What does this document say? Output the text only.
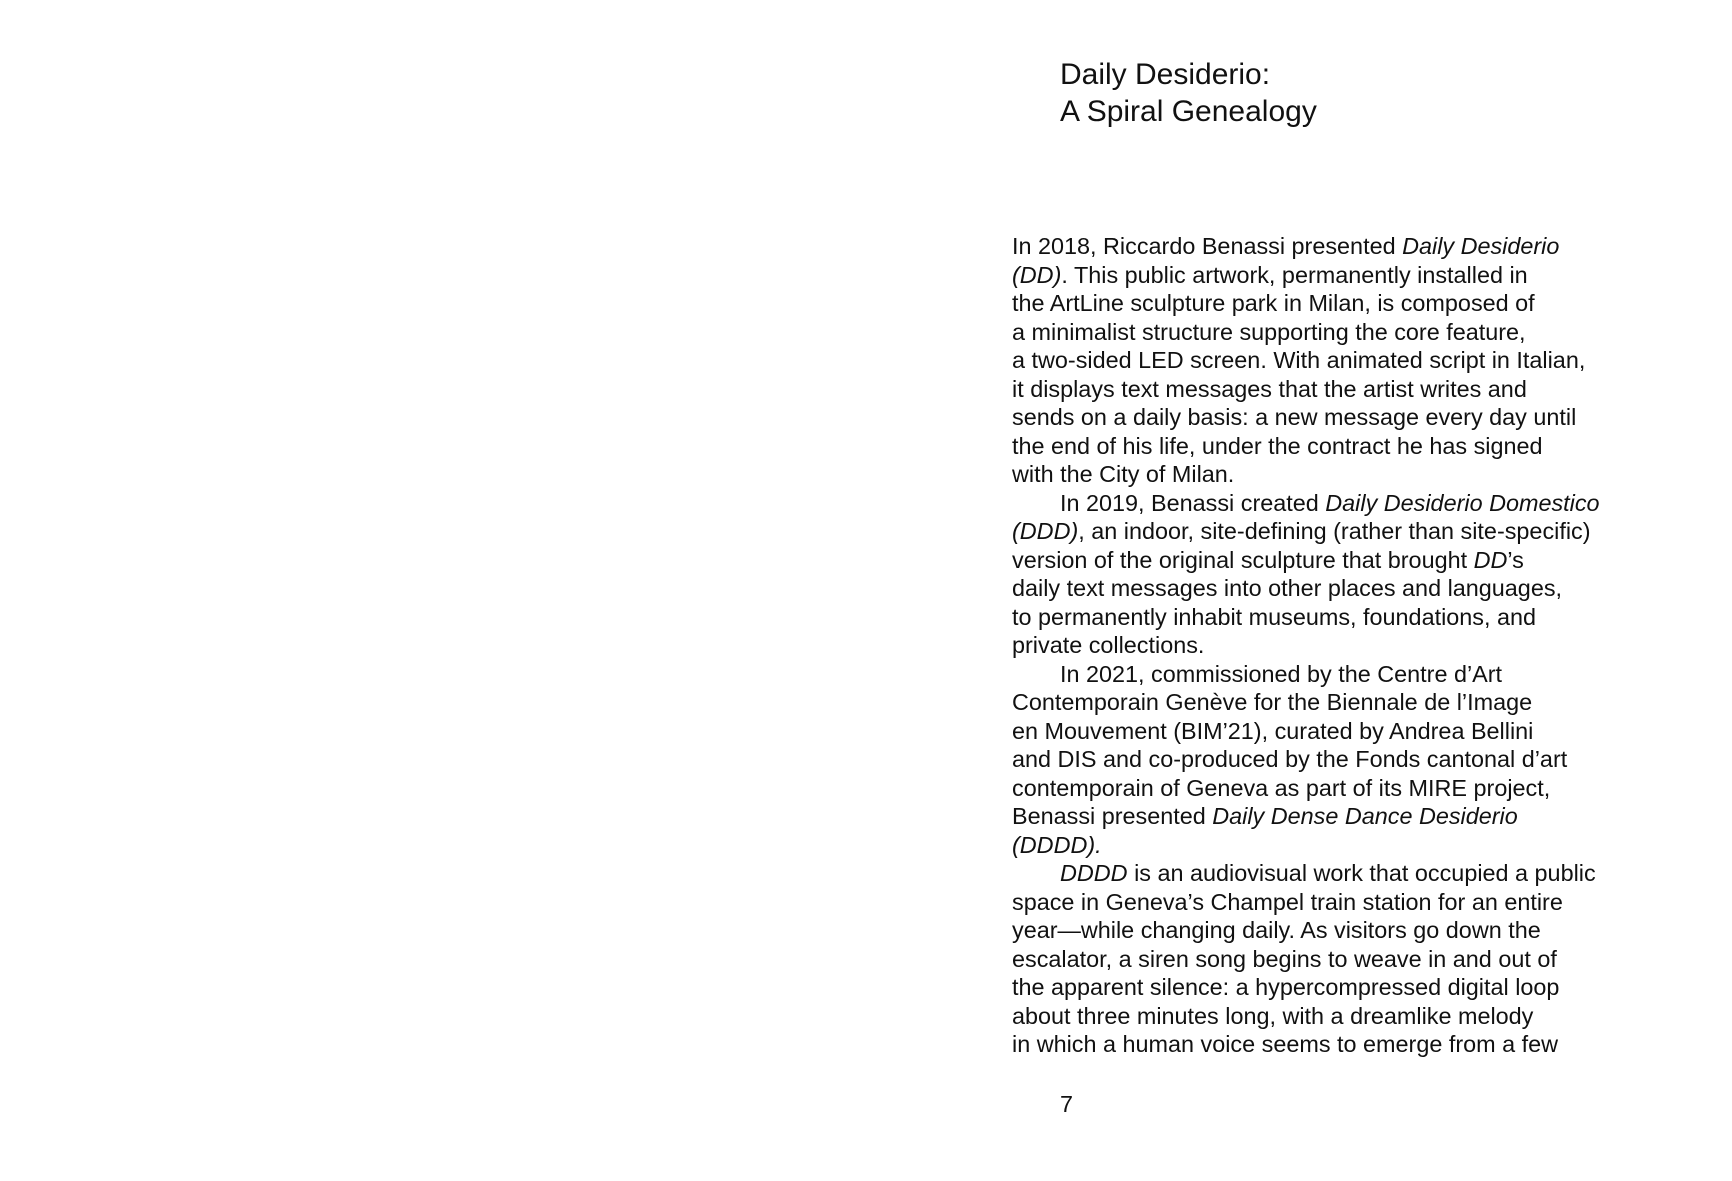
Daily Desiderio:
A Spiral Genealogy
In 2018, Riccardo Benassi presented Daily Desiderio
(DD). This public artwork, permanently installed in
the ArtLine sculpture park in Milan, is composed of
a minimalist structure supporting the core feature,
a two-sided LED screen. With animated script in Italian,
it displays text messages that the artist writes and
sends on a daily basis: a new message every day until
the end of his life, under the contract he has signed
with the City of Milan.
In 2019, Benassi created Daily Desiderio Domestico
(DDD), an indoor, site-defining (rather than site-specific)
version of the original sculpture that brought DD’s
daily text messages into other places and languages,
to permanently inhabit museums, foundations, and
private collections.
In 2021, commissioned by the Centre d’Art
Contemporain Genève for the Biennale de l’Image
en Mouvement (BIM’21), curated by Andrea Bellini
and DIS and co-produced by the Fonds cantonal d’art
contemporain of Geneva as part of its MIRE project,
Benassi presented Daily Dense Dance Desiderio
(DDDD).
DDDD is an audiovisual work that occupied a public
space in Geneva’s Champel train station for an entire
year—while changing daily. As visitors go down the
escalator, a siren song begins to weave in and out of
the apparent silence: a hypercompressed digital loop
about three minutes long, with a dreamlike melody
in which a human voice seems to emerge from a few
7
